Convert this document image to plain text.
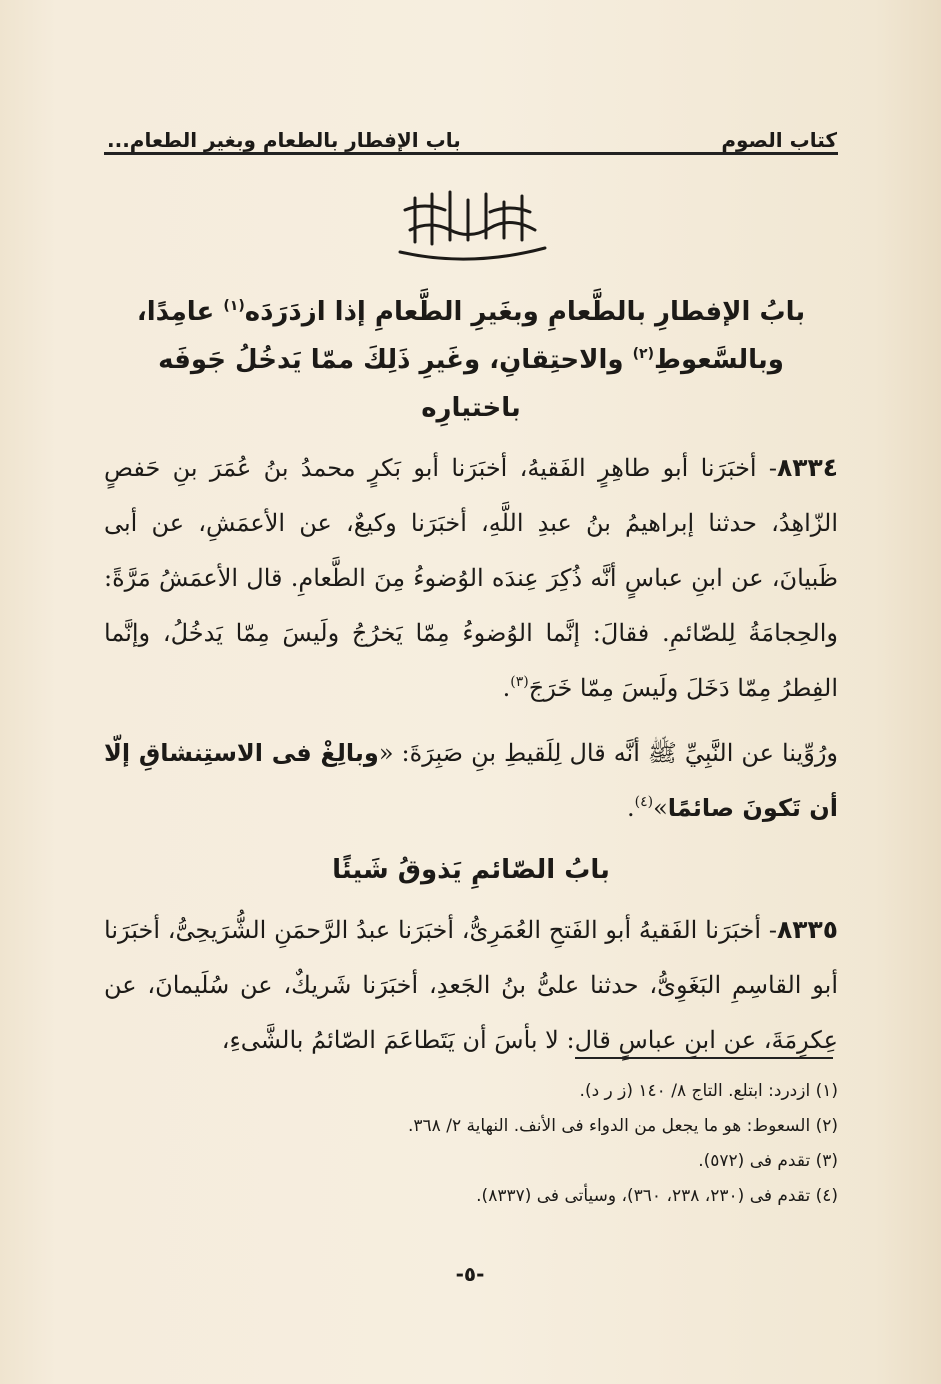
كتاب الصوم
باب الإفطار بالطعام وبغير الطعام...
بابُ الإفطارِ بالطَّعامِ وبغَيرِ الطَّعامِ إذا ازدَرَدَه$^{(١)}$ عامِدًا، وبالسَّعوطِ$^{(٢)}$ والاحتِقانِ، وغَيرِ ذَلِكَ ممّا يَدخُلُ جَوفَه باختيارِه

٨٣٣٤- أخبَرَنا أبو طاهِرٍ الفَقيهُ، أخبَرَنا أبو بَكرٍ محمدُ بنُ عُمَرَ بنِ حَفصٍ الزّاهِدُ، حدثنا إبراهيمُ بنُ عبدِ اللَّهِ، أخبَرَنا وكيعٌ، عن الأعمَشِ، عن أبى ظَبيانَ، عن ابنِ عباسٍ أنَّه ذُكِرَ عِندَه الوُضوءُ مِنَ الطَّعامِ. قال الأعمَشُ مَرَّةً: والحِجامَةُ لِلصّائمِ. فقالَ: إنَّما الوُضوءُ مِمّا يَخرُجُ ولَيسَ مِمّا يَدخُلُ، وإنَّما الفِطرُ مِمّا دَخَلَ ولَيسَ مِمّا خَرَجَ$^{(٣)}$.

ورُوِّينا عن النَّبِيِّ ﷺ أنَّه قال لِلَقيطِ بنِ صَبِرَةَ: «وبالِغْ فى الاستِنشاقِ إلّا أن تَكونَ صائمًا»$^{(٤)}$.

بابُ الصّائمِ يَذوقُ شَيئًا

٨٣٣٥- أخبَرَنا الفَقيهُ أبو الفَتحِ العُمَرِىُّ، أخبَرَنا عبدُ الرَّحمَنِ الشُّرَيحِىُّ، أخبَرَنا أبو القاسِمِ البَغَوِىُّ، حدثنا علىُّ بنُ الجَعدِ، أخبَرَنا شَريكٌ، عن سُلَيمانَ، عن عِكرِمَةَ، عن ابنِ عباسٍ قال: لا بأسَ أن يَتَطاعَمَ الصّائمُ بالشَّىءِ،

(١) ازدرد: ابتلع. التاج ٨/ ١٤٠ (ز ر د).
(٢) السعوط: هو ما يجعل من الدواء فى الأنف. النهاية ٢/ ٣٦٨.
(٣) تقدم فى (٥٧٢).
(٤) تقدم فى (٢٣٠، ٢٣٨، ٣٦٠)، وسيأتى فى (٨٣٣٧).
-٥-
